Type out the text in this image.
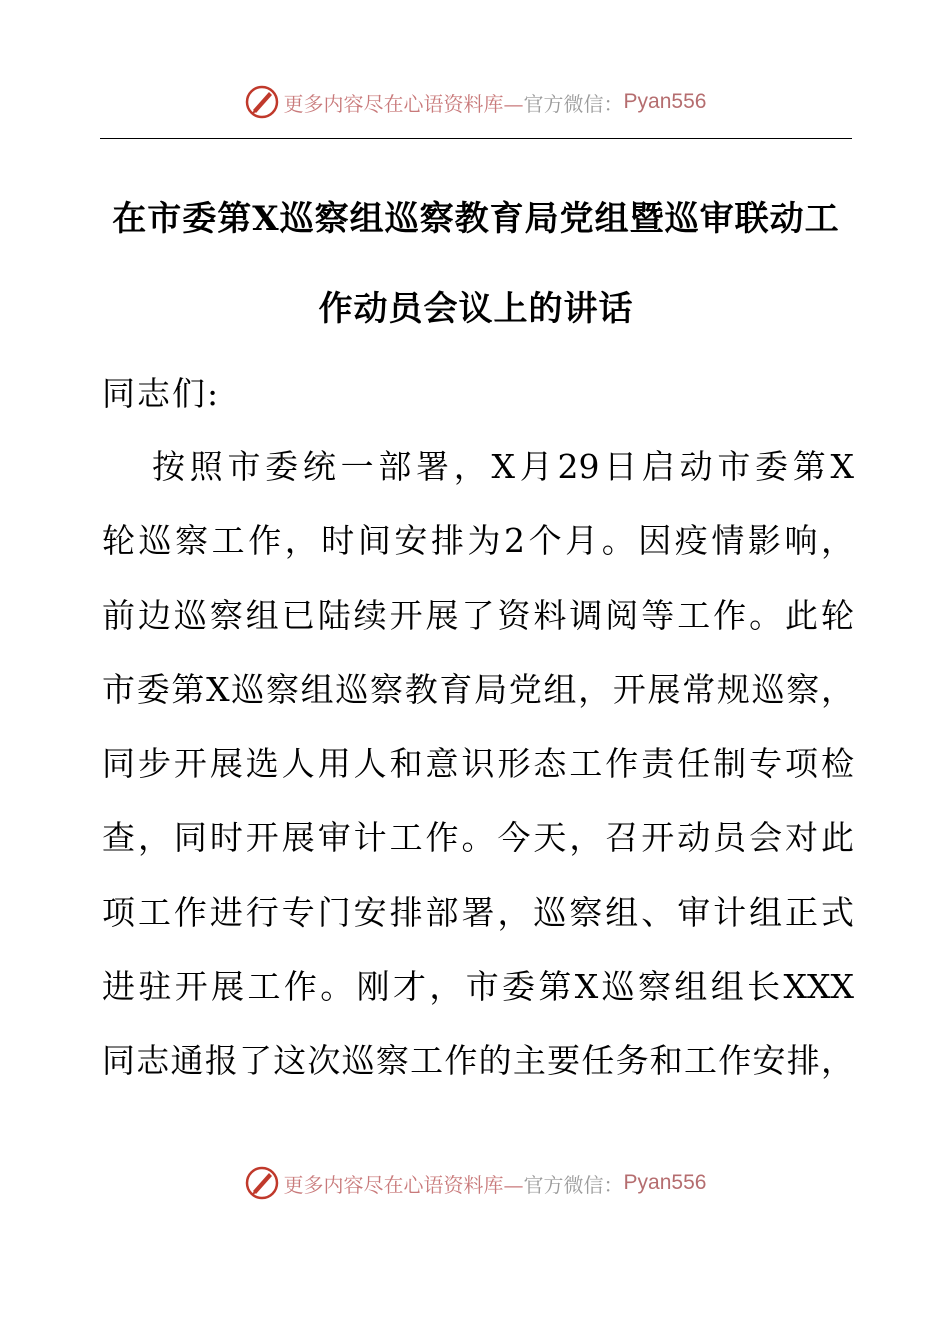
更多内容尽在心语资料库— 官方微信： Pyan556
在市委第X巡察组巡察教育局党组暨巡审联动工
作动员会议上的讲话

同志们:

按照市委统一部署，X月29日启动市委第X
轮巡察工作，时间安排为2个月。因疫情影响，
前边巡察组已陆续开展了资料调阅等工作。此轮
市委第X巡察组巡察教育局党组，开展常规巡察，
同步开展选人用人和意识形态工作责任制专项检
查，同时开展审计工作。今天，召开动员会对此
项工作进行专门安排部署，巡察组、审计组正式
进驻开展工作。刚才，市委第X巡察组组长XXX
同志通报了这次巡察工作的主要任务和工作安排，
更多内容尽在心语资料库— 官方微信： Pyan556
